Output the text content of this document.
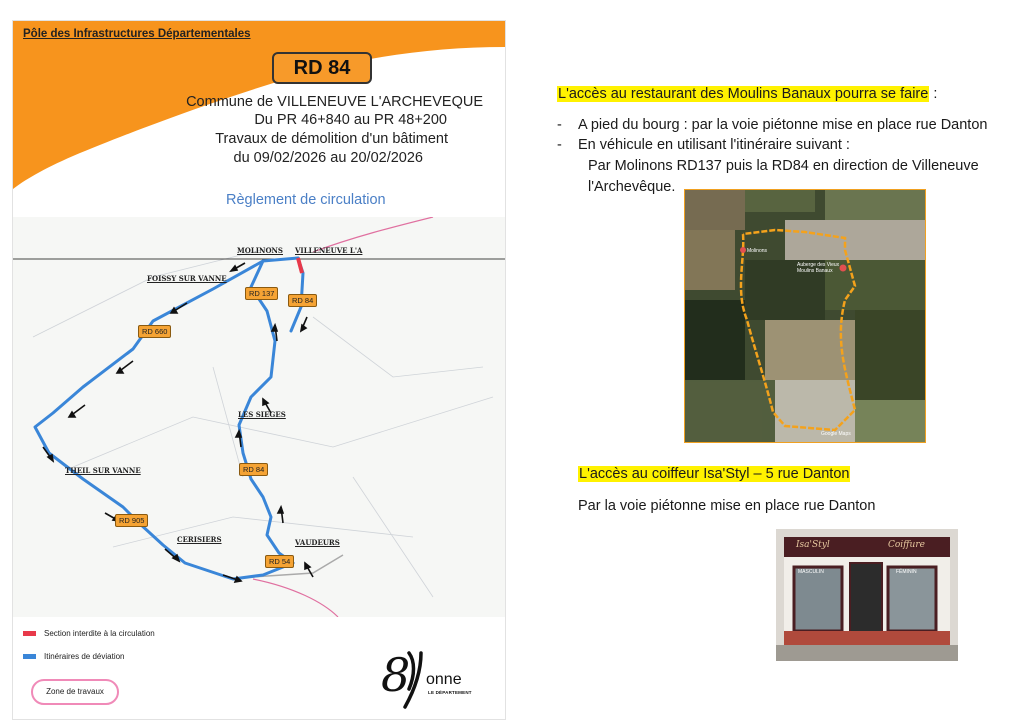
Pôle des Infrastructures Départementales
RD 84
Commune de VILLENEUVE L'ARCHEVEQUE
Du PR 46+840 au PR 48+200
Travaux de démolition d'un bâtiment
du 09/02/2026 au 20/02/2026
Règlement de circulation
MOLINONS VILLENEUVE L'A
FOISSY SUR VANNE
LES SIEGES
THEIL SUR VANNE
CERISIERS	VAUDEURS
RD 137
RD 84
RD 660
RD 84
RD 905
RD 54
Section interdite à la circulation
Itinéraires de déviation
Zone de travaux	8 onne
LE DÉPARTEMENT
L'accès au restaurant des Moulins Banaux pourra se faire :
-    A pied du bourg : par la voie piétonne mise en place rue Danton
-    En véhicule en utilisant l'itinéraire suivant :
Par Molinons RD137 puis la RD84 en direction de Villeneuve
l'Archevêque.
Molinons
Auberge des Vieux Moulins Banaux
Google Maps
L'accès au coiffeur Isa'Styl – 5 rue Danton
Par la voie piétonne mise en place rue Danton
Isa'Styl	Coiffure
MASCULIN	FÉMININ
